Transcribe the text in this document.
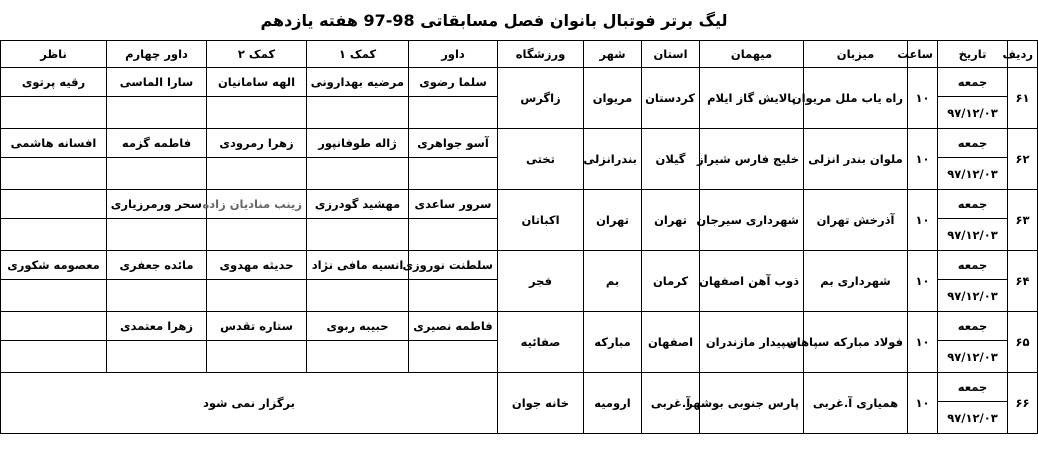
لیگ برتر فوتبال بانوان فصل مسابقاتی 98-97 هفته یازدهم
ردیف	تاریخ	ساعت	میزبان	میهمان	استان	شهر	ورزشگاه	داور	کمک ۱	کمک ۲	داور چهارم	ناظر
۶۱	جمعه	۱۰	راه یاب ملل مریوان	پالایش گاز ایلام	کردستان	مریوان	زاگرس	سلما رضوی	مرضیه بهدارونی	الهه سامانیان	سارا الماسی	رقیه پرتوی
	۹۷/۱۲/۰۳											
۶۲	جمعه	۱۰	ملوان بندر انزلی	خلیج فارس شیراز	گیلان	بندرانزلی	تختی	آسو جواهری	ژاله طوفانپور	زهرا رمرودی	فاطمه گزمه	افسانه هاشمی
	۹۷/۱۲/۰۳											
۶۳	جمعه	۱۰	آذرخش تهران	شهرداری سیرجان	تهران	تهران	اکباتان	سرور ساعدی	مهشید گودرزی	زینب منادیان زاده	سحر ورمرزیاری	
	۹۷/۱۲/۰۳											
۶۴	جمعه	۱۰	شهرداری بم	ذوب آهن اصفهان	کرمان	بم	فجر	سلطنت نوروزی	انسیه مافی نژاد	حدیثه مهدوی	مائده جعفری	معصومه شکوری
	۹۷/۱۲/۰۳											
۶۵	جمعه	۱۰	فولاد مبارکه سپاهان	سپیدار مازندران	اصفهان	مبارکه	صفائیه	فاطمه نصیری	حبیبه ربوی	ستاره تقدس	زهرا معتمدی	
	۹۷/۱۲/۰۳											
۶۶	جمعه	۱۰	همیاری آ.غربی	پارس جنوبی بوشهر	آ.غربی	ارومیه	خانه جوان	برگزار نمی شود				
	۹۷/۱۲/۰۳											
